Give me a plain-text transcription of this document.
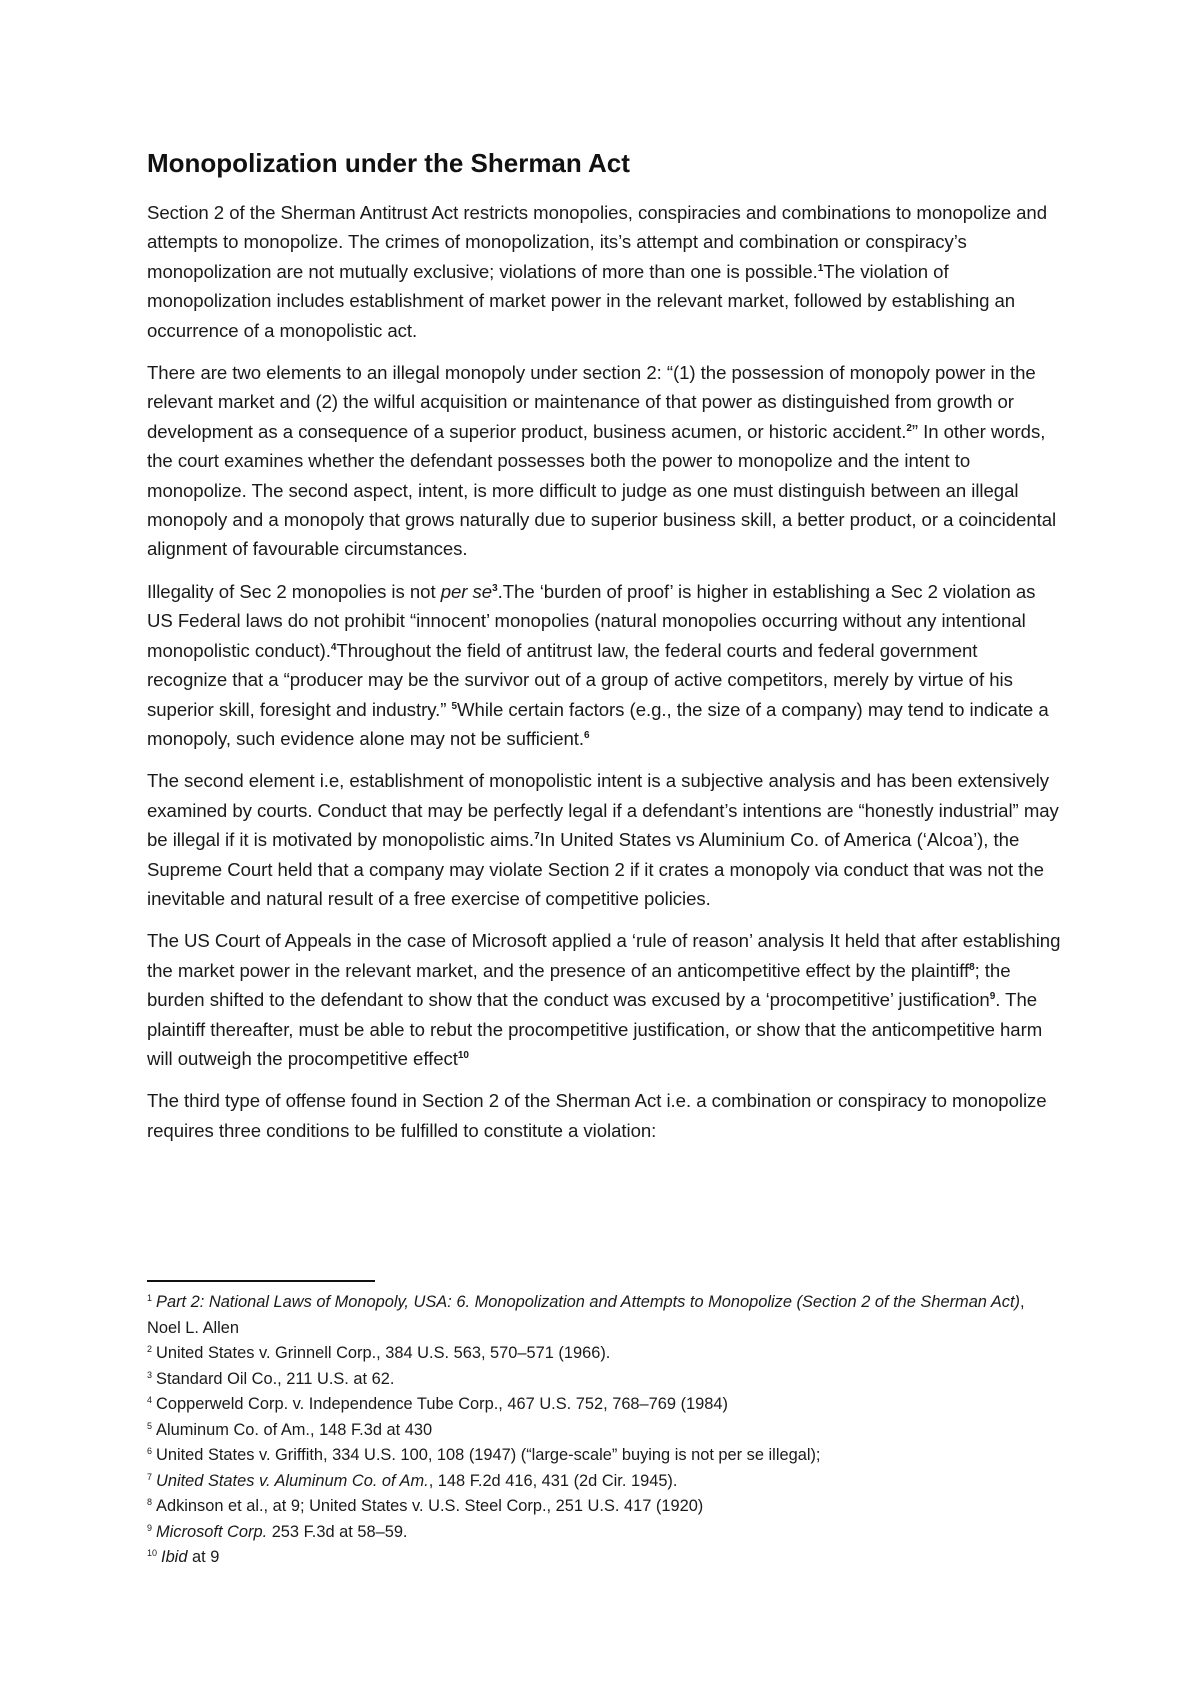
Monopolization under the Sherman Act

Section 2 of the Sherman Antitrust Act restricts monopolies, conspiracies and combinations to monopolize and attempts to monopolize. The crimes of monopolization, its’s attempt and combination or conspiracy’s monopolization are not mutually exclusive; violations of more than one is possible.$^1$The violation of monopolization includes establishment of market power in the relevant market, followed by establishing an occurrence of a monopolistic act.

There are two elements to an illegal monopoly under section 2: “(1) the possession of monopoly power in the relevant market and (2) the wilful acquisition or maintenance of that power as distinguished from growth or development as a consequence of a superior product, business acumen, or historic accident.$^2$” In other words, the court examines whether the defendant possesses both the power to monopolize and the intent to monopolize. The second aspect, intent, is more difficult to judge as one must distinguish between an illegal monopoly and a monopoly that grows naturally due to superior business skill, a better product, or a coincidental alignment of favourable circumstances.

Illegality of Sec 2 monopolies is not per $se^3.The$ ‘burden of proof’ is higher in establishing a Sec 2 violation as US Federal laws do not prohibit “innocent’ monopolies (natural monopolies occurring without any intentional monopolistic conduct).$^4$Throughout the field of antitrust law, the federal courts and federal government recognize that a “producer may be the survivor out of a group of active competitors, merely by virtue of his superior skill, foresight and industry.” $^5$While certain factors (e.g., the size of a company) may tend to indicate a monopoly, such evidence alone may not be sufficient.$^6$

The second element i.e, establishment of monopolistic intent is a subjective analysis and has been extensively examined by courts. Conduct that may be perfectly legal if a defendant’s intentions are “honestly industrial” may be illegal if it is motivated by monopolistic aims.$^7$In United States vs Aluminium Co. of America (‘Alcoa’), the Supreme Court held that a company may violate Section 2 if it crates a monopoly via conduct that was not the inevitable and natural result of a free exercise of competitive policies.

The US Court of Appeals in the case of Microsoft applied a ‘rule of reason’ analysis It held that after establishing the market power in the relevant market, and the presence of an anticompetitive effect by the plaintiff$^8$; the burden shifted to the defendant to show that the conduct was excused by a ‘procompetitive’ justification$^9$. The plaintiff thereafter, must be able to rebut the procompetitive justification, or show that the anticompetitive harm will outweigh the procompetitive effect$^{10}$

The third type of offense found in Section 2 of the Sherman Act i.e. a combination or conspiracy to monopolize requires three conditions to be fulfilled to constitute a violation:

$^1$ Part 2: National Laws of Monopoly, USA: 6. Monopolization and Attempts to Monopolize (Section 2 of the Sherman Act), Noel L. Allen
$^2$ United States v. Grinnell Corp., 384 U.S. 563, 570–571 (1966).
$^3$ Standard Oil Co., 211 U.S. at 62.
$^4$ Copperweld Corp. v. Independence Tube Corp., 467 U.S. 752, 768–769 (1984)
$^5$ Aluminum Co. of Am., 148 F.3d at 430
$^6$ United States v. Griffith, 334 U.S. 100, 108 (1947) (“large-scale” buying is not per se illegal);
$^7$ United States v. Aluminum Co. of Am., 148 F.2d 416, 431 (2d Cir. 1945).
$^8$ Adkinson et al., at 9; United States v. U.S. Steel Corp., 251 U.S. 417 (1920)
$^9$ Microsoft Corp. 253 F.3d at 58–59.
$^{10}$ Ibid at 9
